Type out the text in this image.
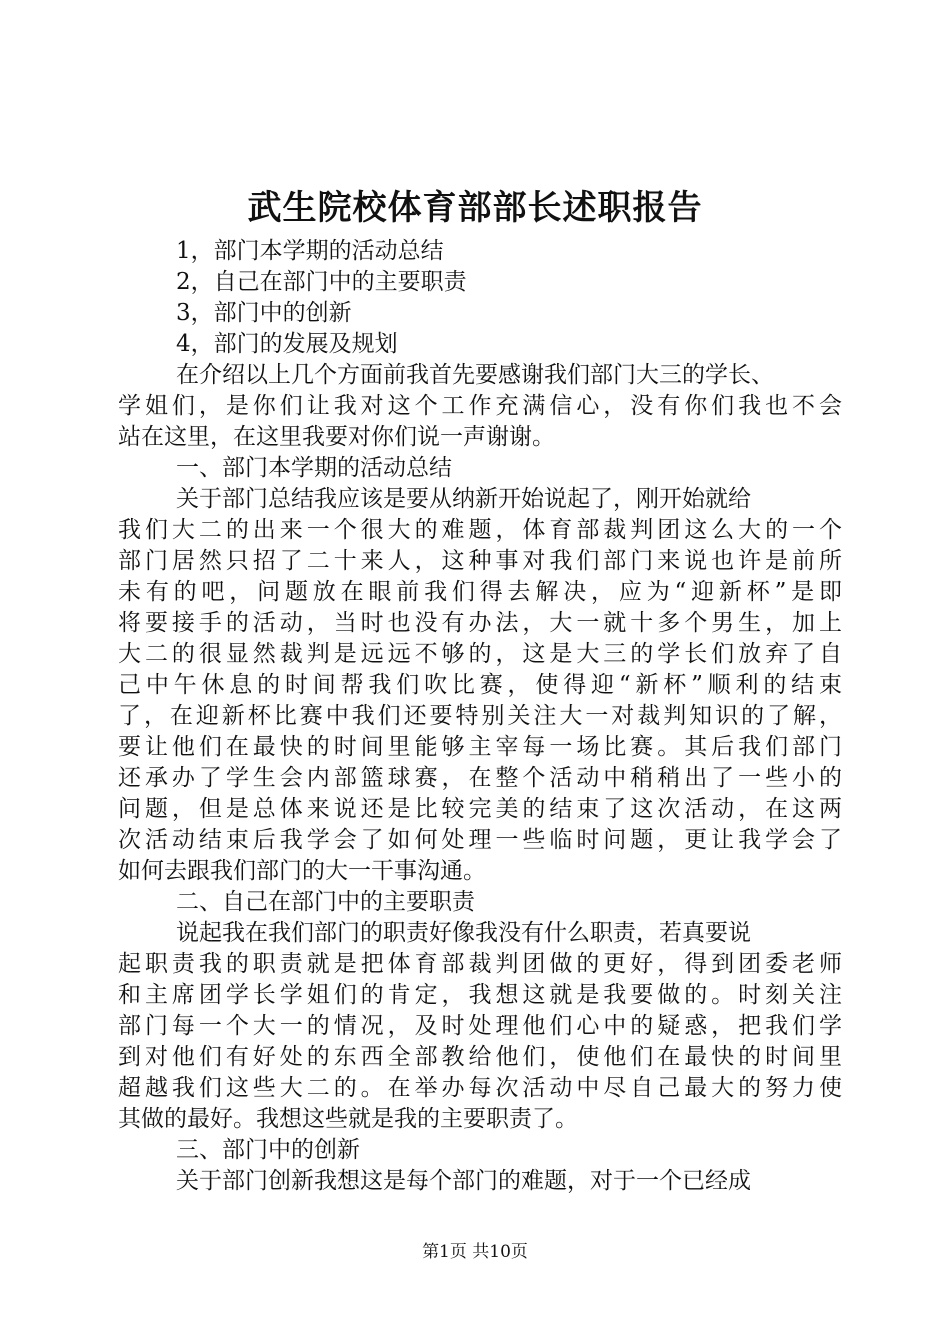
武生院校体育部部长述职报告
1，部门本学期的活动总结
2，自己在部门中的主要职责
3，部门中的创新
4，部门的发展及规划
在介绍以上几个方面前我首先要感谢我们部门大三的学长、
学姐们，是你们让我对这个工作充满信心，没有你们我也不会
站在这里，在这里我要对你们说一声谢谢。
一、部门本学期的活动总结
关于部门总结我应该是要从纳新开始说起了，刚开始就给
我们大二的出来一个很大的难题，体育部裁判团这么大的一个
部门居然只招了二十来人，这种事对我们部门来说也许是前所
未有的吧，问题放在眼前我们得去解决，应为“迎新杯”是即
将要接手的活动，当时也没有办法，大一就十多个男生，加上
大二的很显然裁判是远远不够的，这是大三的学长们放弃了自
己中午休息的时间帮我们吹比赛，使得迎“新杯”顺利的结束
了，在迎新杯比赛中我们还要特别关注大一对裁判知识的了解，
要让他们在最快的时间里能够主宰每一场比赛。其后我们部门
还承办了学生会内部篮球赛，在整个活动中稍稍出了一些小的
问题，但是总体来说还是比较完美的结束了这次活动，在这两
次活动结束后我学会了如何处理一些临时问题，更让我学会了
如何去跟我们部门的大一干事沟通。
二、自己在部门中的主要职责
说起我在我们部门的职责好像我没有什么职责，若真要说
起职责我的职责就是把体育部裁判团做的更好，得到团委老师
和主席团学长学姐们的肯定，我想这就是我要做的。时刻关注
部门每一个大一的情况，及时处理他们心中的疑惑，把我们学
到对他们有好处的东西全部教给他们，使他们在最快的时间里
超越我们这些大二的。在举办每次活动中尽自己最大的努力使
其做的最好。我想这些就是我的主要职责了。
三、部门中的创新
关于部门创新我想这是每个部门的难题，对于一个已经成
第1页 共10页
